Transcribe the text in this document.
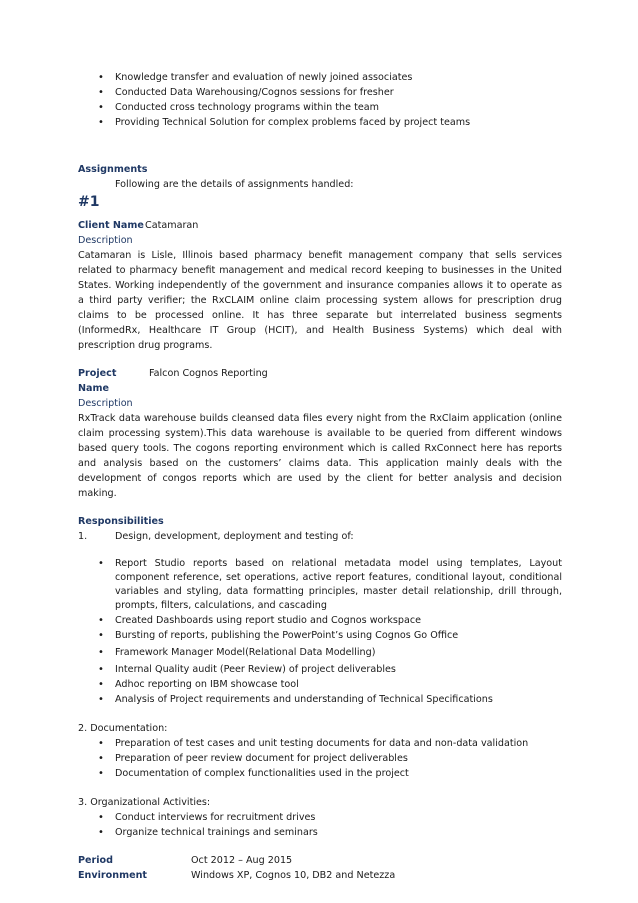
• Knowledge transfer and evaluation of newly joined associates
• Conducted Data Warehousing/Cognos sessions for fresher
• Conducted cross technology programs within the team
• Providing Technical Solution for complex problems faced by project teams
Assignments
Following are the details of assignments handled:
#1
Client Name Catamaran
Description
Catamaran is Lisle, Illinois based pharmacy benefit management company that sells services related to pharmacy benefit management and medical record keeping to businesses in the United States. Working independently of the government and insurance companies allows it to operate as a third party verifier; the RxCLAIM online claim processing system allows for prescription drug claims to be processed online. It has three separate but interrelated business segments (InformedRx, Healthcare IT Group (HCIT), and Health Business Systems) which deal with prescription drug programs.
Project Name
Falcon Cognos Reporting
Description
RxTrack data warehouse builds cleansed data files every night from the RxClaim application (online claim processing system).This data warehouse is available to be queried from different windows based query tools. The cogons reporting environment which is called RxConnect here has reports and analysis based on the customers’ claims data. This application mainly deals with the development of congos reports which are used by the client for better analysis and decision making.
Responsibilities
1.	Design, development, deployment and testing of:
• Report Studio reports based on relational metadata model using templates, Layout component reference, set operations, active report features, conditional layout, conditional variables and styling, data formatting principles, master detail relationship, drill through, prompts, filters, calculations, and cascading
• Created Dashboards using report studio and Cognos workspace
• Bursting of reports, publishing the PowerPoint’s using Cognos Go Office
• Framework Manager Model(Relational Data Modelling)
• Internal Quality audit (Peer Review) of project deliverables
• Adhoc reporting on IBM showcase tool
• Analysis of Project requirements and understanding of Technical Specifications
2. Documentation:
• Preparation of test cases and unit testing documents for data and non-data validation
• Preparation of peer review document for project deliverables
• Documentation of complex functionalities used in the project
3. Organizational Activities:
• Conduct interviews for recruitment drives
• Organize technical trainings and seminars
Period	Oct 2012 – Aug 2015
Environment	Windows XP, Cognos 10, DB2 and Netezza
